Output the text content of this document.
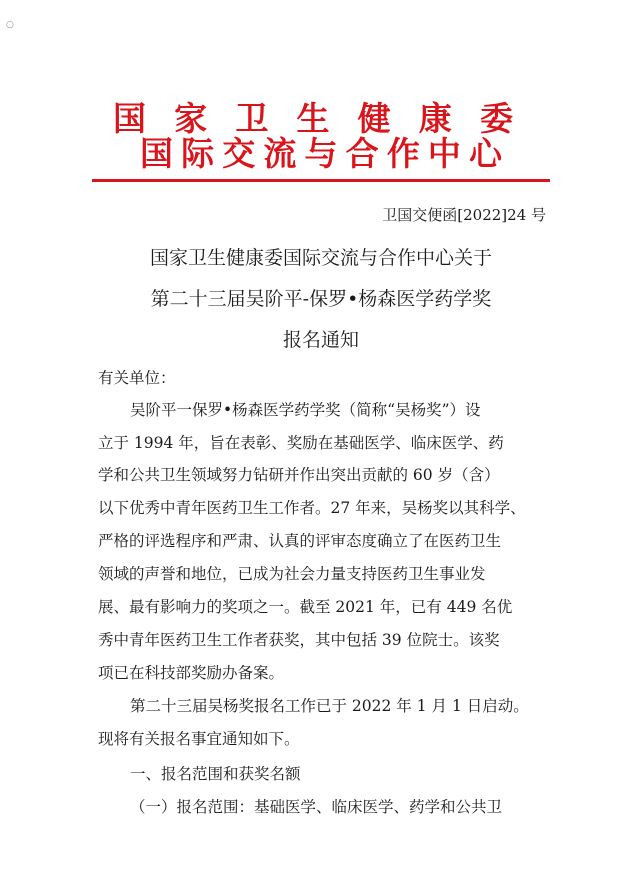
○
国 家 卫 生 健 康 委
国 际 交 流 与 合 作 中 心
卫国交便函[2022]24 号
国家卫生健康委国际交流与合作中心关于
第二十三届吴阶平-保罗•杨森医学药学奖
报名通知
有关单位：
吴阶平一保罗•杨森医学药学奖（简称“吴杨奖”）设
立于 1994 年，旨在表彰、奖励在基础医学、临床医学、药
学和公共卫生领域努力钻研并作出突出贡献的 60 岁（含）
以下优秀中青年医药卫生工作者。27 年来，吴杨奖以其科学、
严格的评选程序和严肃、认真的评审态度确立了在医药卫生
领域的声誉和地位，已成为社会力量支持医药卫生事业发
展、最有影响力的奖项之一。截至 2021 年，已有 449 名优
秀中青年医药卫生工作者获奖，其中包括 39 位院士。该奖
项已在科技部奖励办备案。
第二十三届吴杨奖报名工作已于 2022 年 1 月 1 日启动。
现将有关报名事宜通知如下。
一、报名范围和获奖名额
（一）报名范围：基础医学、临床医学、药学和公共卫
